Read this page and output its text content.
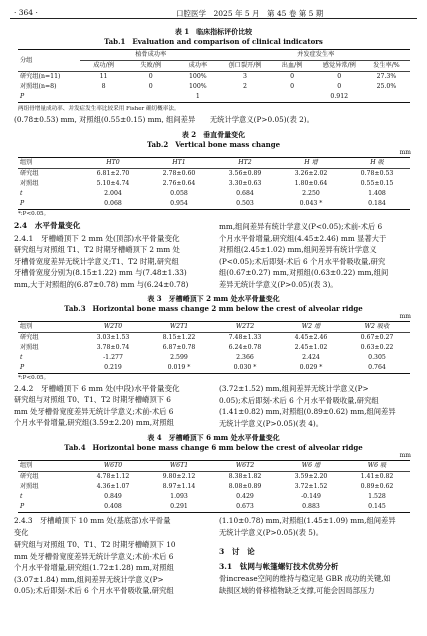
· 364 ·	口腔医学　2025 年 5 月　第 45 卷 第 5 期
表 1　临床指标评价比较
Tab.1　Evaluation and comparison of clinical indicators
分组	植骨成功率			并发症发生率			
	成功/例	失败/例	成功率	创口裂开/例	出血/例	感觉异常/例	发生率/%
研究组(n=11)	11	0	100%	3	0	0	27.3%
对照组(n=8)	8	0	100%	2	0	0	25.0%
P			1			0.912	
两组骨增量成功率、并发症发生率比较采用 Fisher 确切概率法。

(0.78±0.53) mm, 对照组(0.55±0.15) mm, 组间差异　　无统计学意义(P>0.05)(表 2)。

表 2　垂直骨量变化
Tab.2　Vertical bone mass change
mm
组别	HT0	HT1	HT2	H 增	H 吸
研究组	6.81±2.70	2.78±0.60	3.56±0.89	3.26±2.02	0.78±0.53
对照组	5.10±4.74	2.76±0.64	3.30±0.63	1.80±0.64	0.55±0.15
t	2.004	0.058	0.684	2.250	1.408
P	0.068	0.954	0.503	0.043 *	0.184
*:P<0.05。
2.4　水平骨量变化
2.4.1　牙槽嵴顶下 2 mm 处(顶部)水平骨量变化

研究组与对照组 T1、T2 时期牙槽嵴顶下 2 mm 处
牙槽骨宽度差异无统计学意义;T1、T2 时期,研究组
牙槽骨宽度分别为(8.15±1.22) mm 与(7.48±1.33)
mm,大于对照组的(6.87±0.78) mm 与(6.24±0.78)

mm,组间差异有统计学意义(P<0.05);术前-术后 6
个月水平骨增量,研究组(4.45±2.46) mm 显著大于
对照组(2.45±1.02) mm,组间差异有统计学意义
(P<0.05);术后即刻-术后 6 个月水平骨吸收量,研究
组(0.67±0.27) mm,对照组(0.63±0.22) mm,组间
差异无统计学意义(P>0.05)(表 3)。

表 3　牙槽嵴顶下 2 mm 处水平骨量变化
Tab.3　Horizontal bone mass change 2 mm below the crest of alveolar ridge
mm
组别	W2T0	W2T1	W2T2	W2 增	W2 吸收
研究组	3.03±1.53	8.15±1.22	7.48±1.33	4.45±2.46	0.67±0.27
对照组	3.78±0.74	6.87±0.78	6.24±0.78	2.45±1.02	0.63±0.22
t	-1.277	2.599	2.366	2.424	0.305
P	0.219	0.019 *	0.030 *	0.029 *	0.764
*:P<0.05。
2.4.2　牙槽嵴顶下 6 mm 处(中段)水平骨量变化

研究组与对照组 T0、T1、T2 时期牙槽嵴顶下 6
mm 处牙槽骨宽度差异无统计学意义;术前-术后 6
个月水平骨增量,研究组(3.59±2.20) mm,对照组

(3.72±1.52) mm,组间差异无统计学意义(P>
0.05);术后即刻-术后 6 个月水平骨吸收量,研究组
(1.41±0.82) mm,对照组(0.89±0.62) mm,组间差异
无统计学意义(P>0.05)(表 4)。

表 4　牙槽嵴顶下 6 mm 处水平骨量变化
Tab.4　Horizontal bone mass change 6 mm below the crest of alveolar ridge
mm
组别	W6T0	W6T1	W6T2	W6 增	W6 吸
研究组	4.78±1.12	9.80±2.12	8.38±1.82	3.59±2.20	1.41±0.82
对照组	4.36±1.07	8.97±1.14	8.08±0.89	3.72±1.52	0.89±0.62
t	0.849	1.093	0.429	-0.149	1.528
P	0.408	0.291	0.673	0.883	0.145

2.4.3　牙槽嵴顶下 10 mm 处(基底部)水平骨量
变化

研究组与对照组 T0、T1、T2 时期牙槽嵴顶下 10
mm 处牙槽骨宽度差异无统计学意义;术前-术后 6
个月水平骨增量,研究组(1.72±1.28) mm,对照组
(3.07±1.84) mm,组间差异无统计学意义(P>
0.05);术后即刻-术后 6 个月水平骨吸收量,研究组

(1.10±0.78) mm,对照组(1.45±1.09) mm,组间差异
无统计学意义(P>0.05)(表 5)。

3　讨　论
3.1　钛网与帐篷螺钉技术优势分析

骨increase空间的维持与稳定是 GBR 成功的关键,如
缺损区域的骨移植物缺乏支撑,可能会因局部压力
